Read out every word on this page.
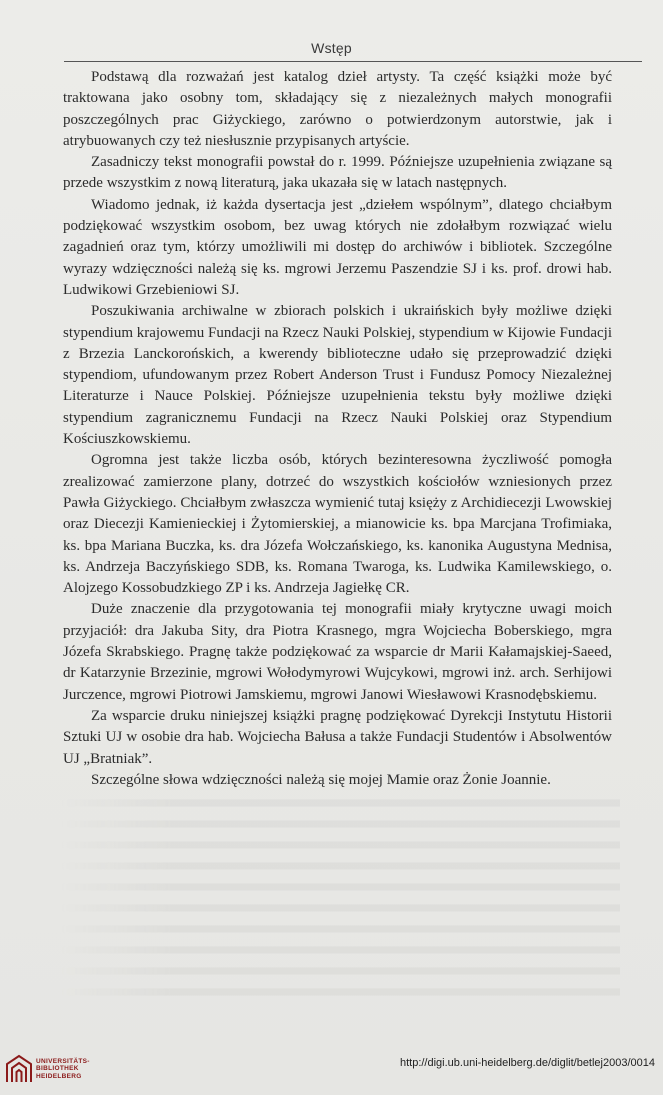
Wstęp

Podstawą dla rozważań jest katalog dzieł artysty. Ta część książki może być traktowana jako osobny tom, składający się z niezależnych małych monografii poszczególnych prac Giżyckiego, zarówno o potwierdzonym autorstwie, jak i atrybuowanych czy też niesłusznie przypisanych artyście.

Zasadniczy tekst monografii powstał do r. 1999. Późniejsze uzupełnienia związane są przede wszystkim z nową literaturą, jaka ukazała się w latach następnych.

Wiadomo jednak, iż każda dysertacja jest „dziełem wspólnym”, dlatego chciałbym podziękować wszystkim osobom, bez uwag których nie zdołałbym rozwiązać wielu zagadnień oraz tym, którzy umożliwili mi dostęp do archiwów i bibliotek. Szczególne wyrazy wdzięczności należą się ks. mgrowi Jerzemu Paszendzie SJ i ks. prof. drowi hab. Ludwikowi Grzebieniowi SJ.

Poszukiwania archiwalne w zbiorach polskich i ukraińskich były możliwe dzięki stypendium krajowemu Fundacji na Rzecz Nauki Polskiej, stypendium w Kijowie Fundacji z Brzezia Lanckorońskich, a kwerendy biblioteczne udało się przeprowadzić dzięki stypendiom, ufundowanym przez Robert Anderson Trust i Fundusz Pomocy Niezależnej Literaturze i Nauce Polskiej. Późniejsze uzupełnienia tekstu były możliwe dzięki stypendium zagranicznemu Fundacji na Rzecz Nauki Polskiej oraz Stypendium Kościuszkowskiemu.

Ogromna jest także liczba osób, których bezinteresowna życzliwość pomogła zrealizować zamierzone plany, dotrzeć do wszystkich kościołów wzniesionych przez Pawła Giżyckiego. Chciałbym zwłaszcza wymienić tutaj księży z Archidiecezji Lwowskiej oraz Diecezji Kamienieckiej i Żytomierskiej, a mianowicie ks. bpa Marcjana Trofimiaka, ks. bpa Mariana Buczka, ks. dra Józefa Wołczańskiego, ks. kanonika Augustyna Mednisa, ks. Andrzeja Baczyńskiego SDB, ks. Romana Twaroga, ks. Ludwika Kamilewskiego, o. Alojzego Kossobudzkiego ZP i ks. Andrzeja Jagiełkę CR.

Duże znaczenie dla przygotowania tej monografii miały krytyczne uwagi moich przyjaciół: dra Jakuba Sity, dra Piotra Krasnego, mgra Wojciecha Boberskiego, mgra Józefa Skrabskiego. Pragnę także podziękować za wsparcie dr Marii Kałamajskiej-Saeed, dr Katarzynie Brzezinie, mgrowi Wołodymyrowi Wujcykowi, mgrowi inż. arch. Serhijowi Jurczence, mgrowi Piotrowi Jamskiemu, mgrowi Janowi Wiesławowi Krasnodębskiemu.

Za wsparcie druku niniejszej książki pragnę podziękować Dyrekcji Instytutu Historii Sztuki UJ w osobie dra hab. Wojciecha Bałusa a także Fundacji Studentów i Absolwentów UJ „Bratniak”.

Szczególne słowa wdzięczności należą się mojej Mamie oraz Żonie Joannie.

UNIVERSITÄTS-
BIBLIOTHEK
HEIDELBERG
http://digi.ub.uni-heidelberg.de/diglit/betlej2003/0014
